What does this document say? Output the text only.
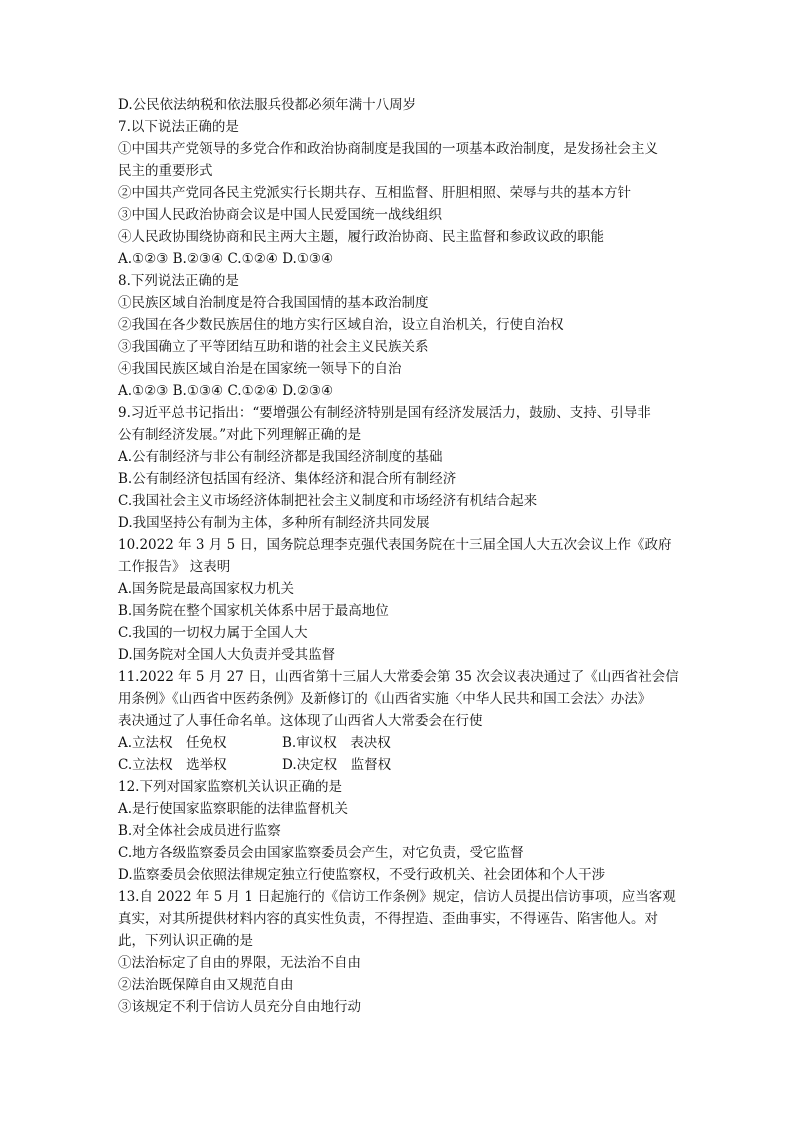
D.公民依法纳税和依法服兵役都必须年满十八周岁
7.以下说法正确的是
①中国共产党领导的多党合作和政治协商制度是我国的一项基本政治制度，是发扬社会主义
民主的重要形式
②中国共产党同各民主党派实行长期共存、互相监督、肝胆相照、荣辱与共的基本方针
③中国人民政治协商会议是中国人民爱国统一战线组织
④人民政协围绕协商和民主两大主题，履行政治协商、民主监督和参政议政的职能
A.①②③ B.②③④ C.①②④ D.①③④
8.下列说法正确的是
①民族区域自治制度是符合我国国情的基本政治制度
②我国在各少数民族居住的地方实行区域自治，设立自治机关，行使自治权
③我国确立了平等团结互助和谐的社会主义民族关系
④我国民族区域自治是在国家统一领导下的自治
A.①②③ B.①③④ C.①②④ D.②③④
9.习近平总书记指出：“要增强公有制经济特别是国有经济发展活力，鼓励、支持、引导非
公有制经济发展。”对此下列理解正确的是
A.公有制经济与非公有制经济都是我国经济制度的基础
B.公有制经济包括国有经济、集体经济和混合所有制经济
C.我国社会主义市场经济体制把社会主义制度和市场经济有机结合起来
D.我国坚持公有制为主体，多种所有制经济共同发展
10.2022 年 3 月 5 日，国务院总理李克强代表国务院在十三届全国人大五次会议上作《政府
工作报告》 这表明
A.国务院是最高国家权力机关
B.国务院在整个国家机关体系中居于最高地位
C.我国的一切权力属于全国人大
D.国务院对全国人大负责并受其监督
11.2022 年 5 月 27 日，山西省第十三届人大常委会第 35 次会议表决通过了《山西省社会信
用条例》《山西省中医药条例》及新修订的《山西省实施〈中华人民共和国工会法〉办法》
表决通过了人事任命名单。这体现了山西省人大常委会在行使
A.立法权　任免权	B.审议权　表决权
C.立法权　选举权	D.决定权　监督权
12.下列对国家监察机关认识正确的是
A.是行使国家监察职能的法律监督机关
B.对全体社会成员进行监察
C.地方各级监察委员会由国家监察委员会产生，对它负责，受它监督
D.监察委员会依照法律规定独立行使监察权，不受行政机关、社会团体和个人干涉
13.自 2022 年 5 月 1 日起施行的《信访工作条例》规定，信访人员提出信访事项，应当客观
真实，对其所提供材料内容的真实性负责，不得捏造、歪曲事实，不得诬告、陷害他人。对
此，下列认识正确的是
①法治标定了自由的界限，无法治不自由
②法治既保障自由又规范自由
③该规定不利于信访人员充分自由地行动
